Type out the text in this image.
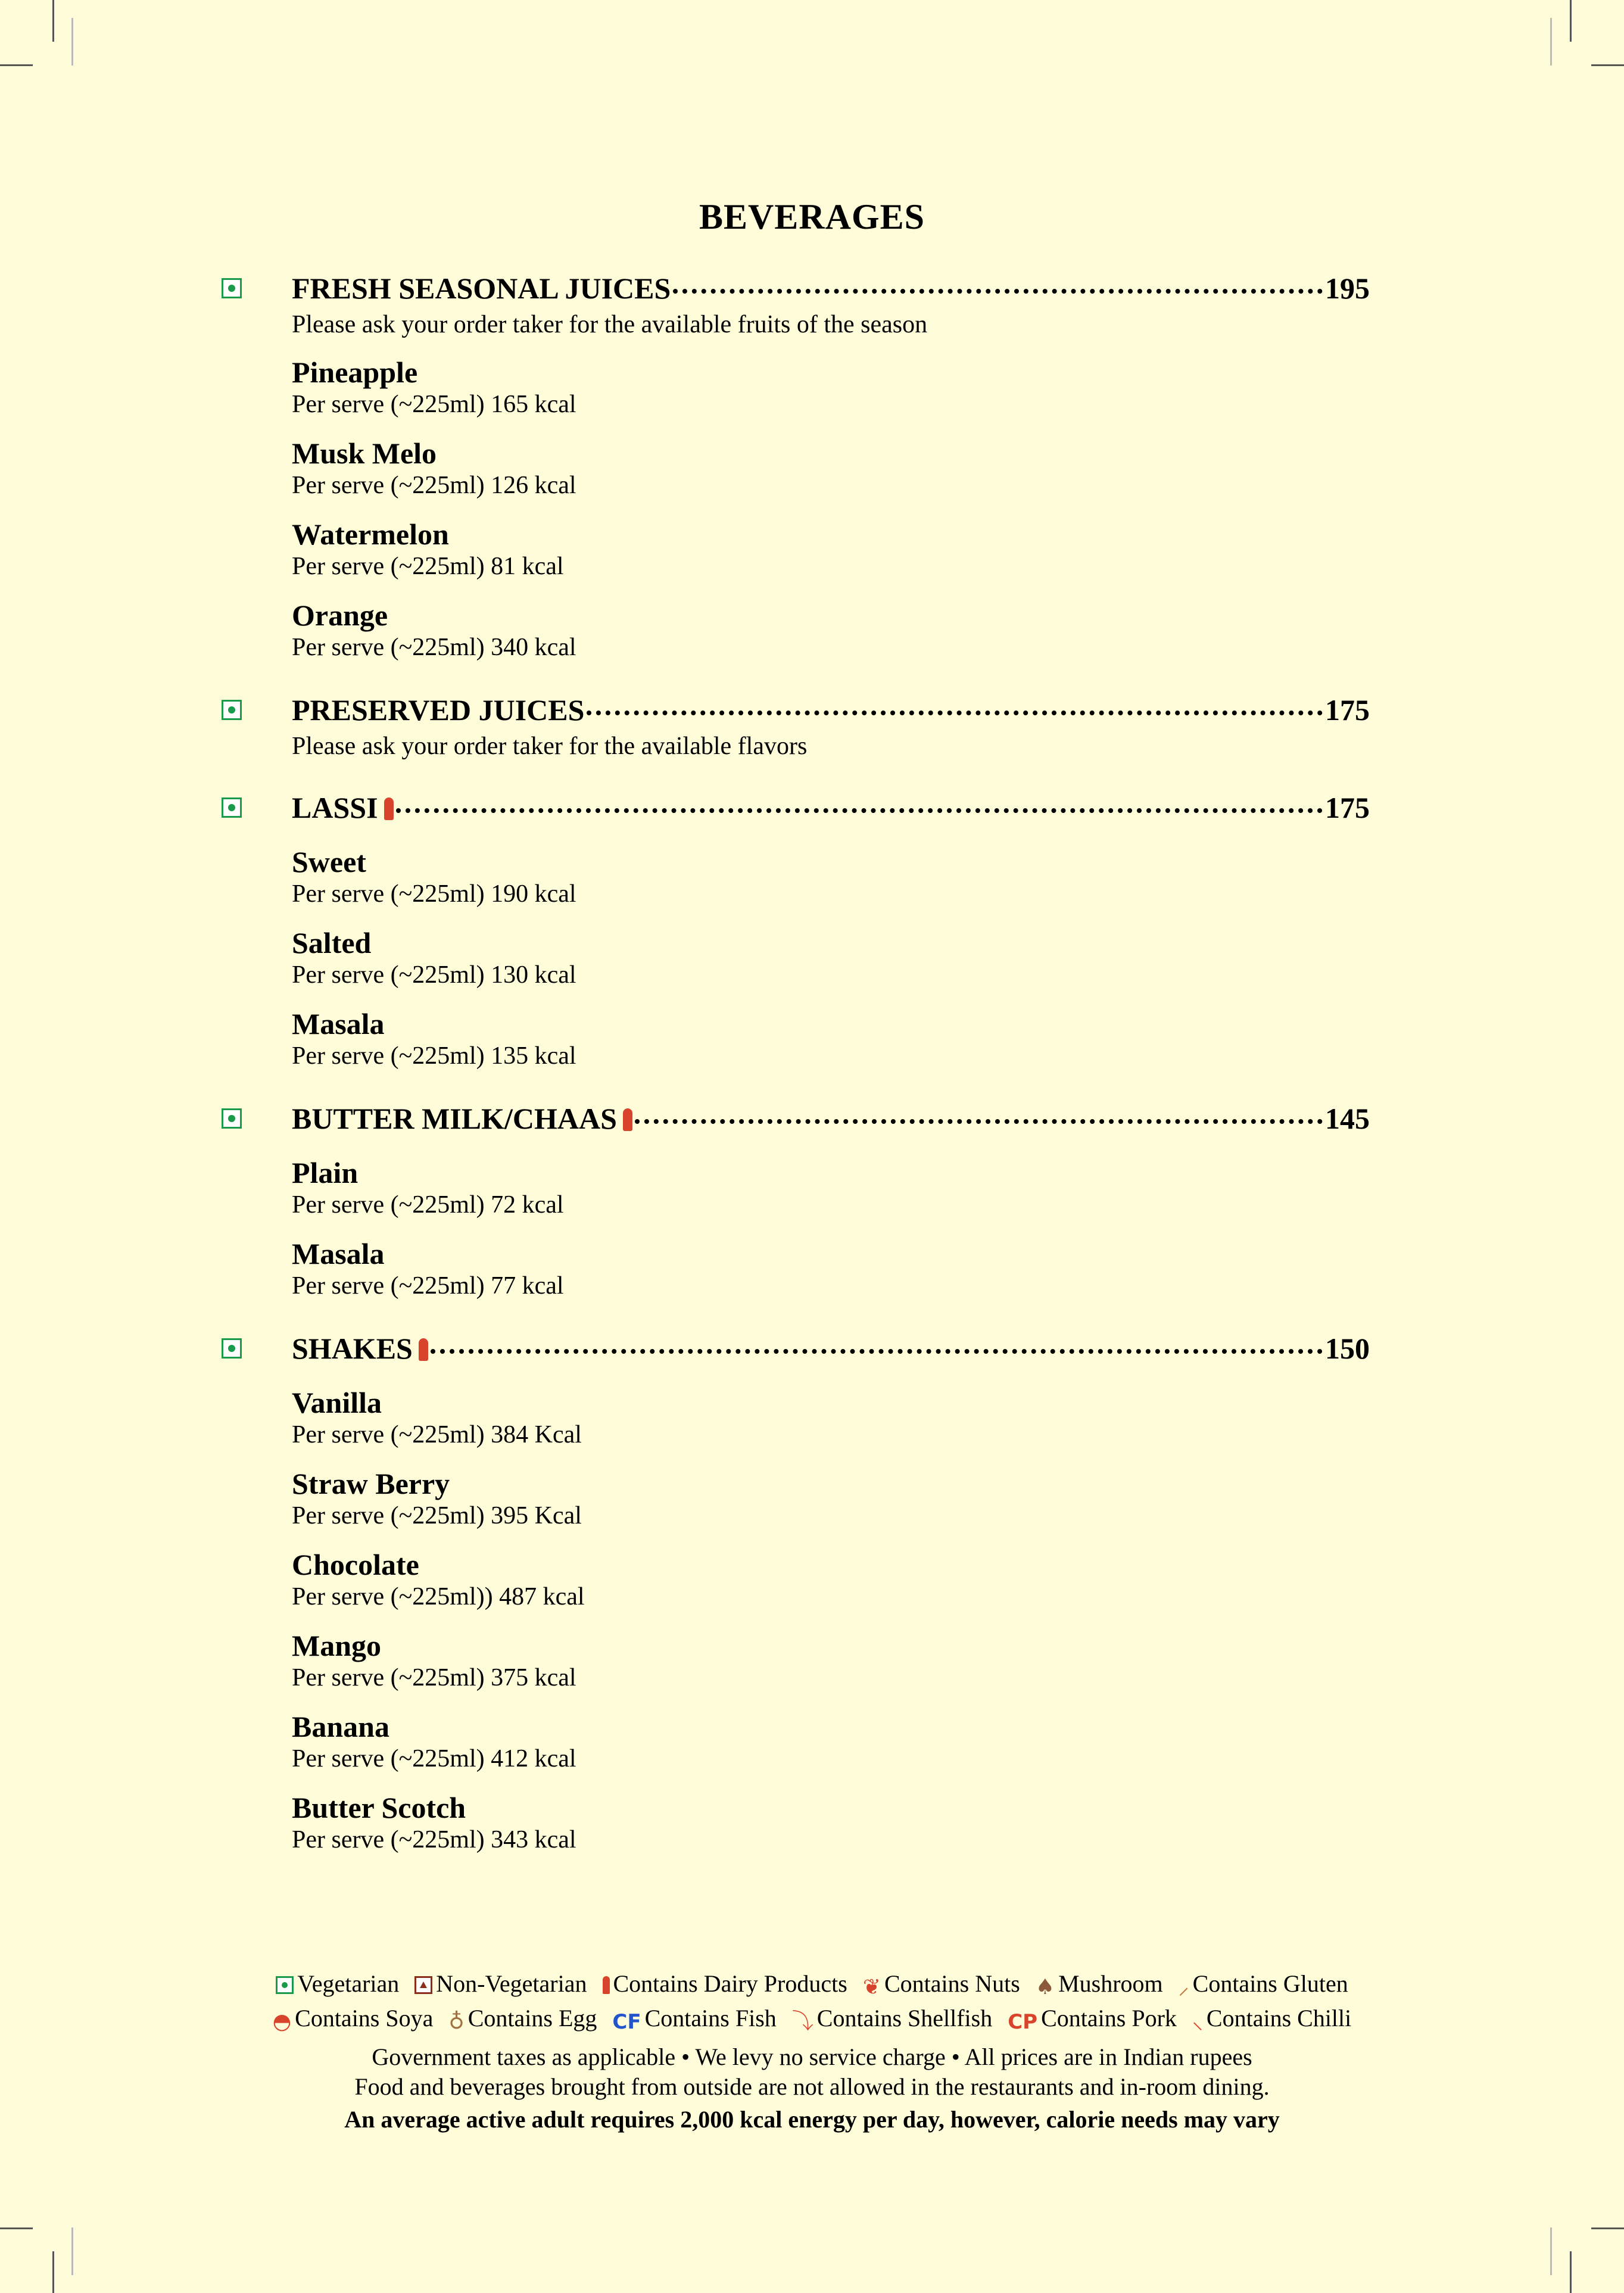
BEVERAGES
FRESH SEASONAL JUICES	195
Please ask your order taker for the available fruits of the season
Pineapple
Per serve (~225ml) 165 kcal
Musk Melo
Per serve (~225ml) 126 kcal
Watermelon
Per serve (~225ml) 81 kcal
Orange
Per serve (~225ml) 340 kcal
PRESERVED JUICES	175
Please ask your order taker for the available flavors
LASSI	175
Sweet
Per serve (~225ml) 190 kcal
Salted
Per serve (~225ml) 130 kcal
Masala
Per serve (~225ml) 135 kcal
BUTTER MILK/CHAAS	145
Plain
Per serve (~225ml) 72 kcal
Masala
Per serve (~225ml) 77 kcal
SHAKES	150
Vanilla
Per serve (~225ml) 384 Kcal
Straw Berry
Per serve (~225ml) 395 Kcal
Chocolate
Per serve (~225ml)) 487 kcal
Mango
Per serve (~225ml) 375 kcal
Banana
Per serve (~225ml) 412 kcal
Butter Scotch
Per serve (~225ml) 343 kcal
Vegetarian Non-Vegetarian Contains Dairy Products ❦ Contains Nuts ♠ Mushroom ⸝ Contains Gluten
◓ Contains Soya ♁ Contains Egg CF Contains Fish ⤵ Contains Shellfish CP Contains Pork ⸜ Contains Chilli
Government taxes as applicable • We levy no service charge • All prices are in Indian rupees
Food and beverages brought from outside are not allowed in the restaurants and in-room dining.
An average active adult requires 2,000 kcal energy per day, however, calorie needs may vary
